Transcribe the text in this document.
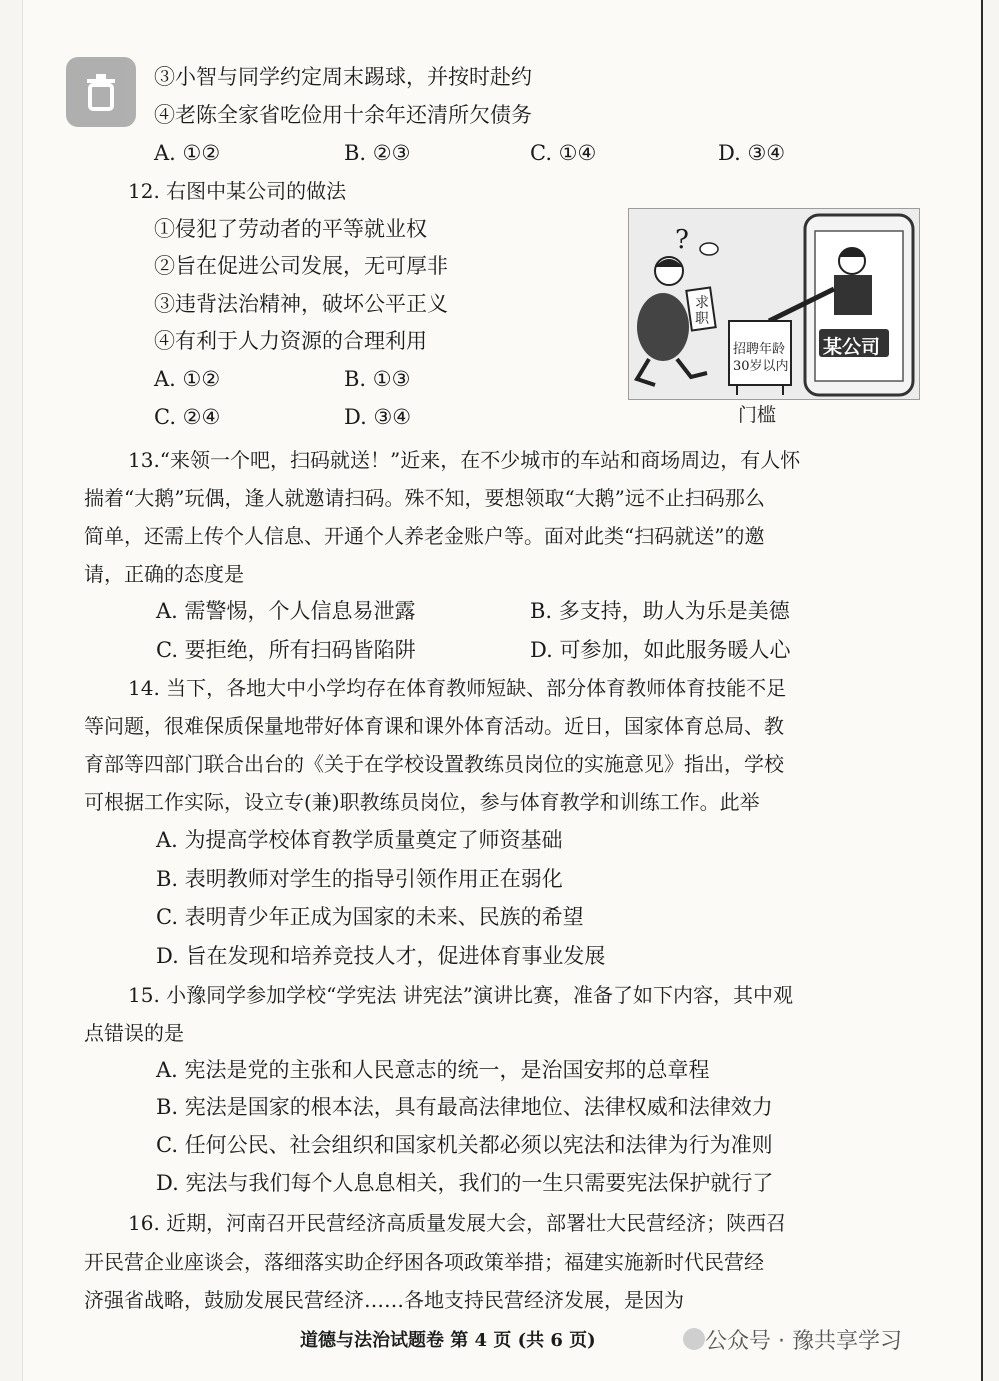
③小智与同学约定周末踢球，并按时赴约
④老陈全家省吃俭用十余年还清所欠债务
A. ①②	B. ②③	C. ①④	D. ③④
12. 右图中某公司的做法
①侵犯了劳动者的平等就业权
②旨在促进公司发展，无可厚非
③违背法治精神，破坏公平正义
④有利于人力资源的合理利用
A. ①②	B. ①③
C. ②④	D. ③④
?
求职
招聘年龄
30岁以内
某公司
门槛
13.“来领一个吧，扫码就送！”近来，在不少城市的车站和商场周边，有人怀
揣着“大鹅”玩偶，逢人就邀请扫码。殊不知，要想领取“大鹅”远不止扫码那么
简单，还需上传个人信息、开通个人养老金账户等。面对此类“扫码就送”的邀
请，正确的态度是
A. 需警惕，个人信息易泄露	B. 多支持，助人为乐是美德
C. 要拒绝，所有扫码皆陷阱	D. 可参加，如此服务暖人心
14. 当下，各地大中小学均存在体育教师短缺、部分体育教师体育技能不足
等问题，很难保质保量地带好体育课和课外体育活动。近日，国家体育总局、教
育部等四部门联合出台的《关于在学校设置教练员岗位的实施意见》指出，学校
可根据工作实际，设立专(兼)职教练员岗位，参与体育教学和训练工作。此举
A. 为提高学校体育教学质量奠定了师资基础
B. 表明教师对学生的指导引领作用正在弱化
C. 表明青少年正成为国家的未来、民族的希望
D. 旨在发现和培养竞技人才，促进体育事业发展
15. 小豫同学参加学校“学宪法 讲宪法”演讲比赛，准备了如下内容，其中观
点错误的是
A. 宪法是党的主张和人民意志的统一，是治国安邦的总章程
B. 宪法是国家的根本法，具有最高法律地位、法律权威和法律效力
C. 任何公民、社会组织和国家机关都必须以宪法和法律为行为准则
D. 宪法与我们每个人息息相关，我们的一生只需要宪法保护就行了
16. 近期，河南召开民营经济高质量发展大会，部署壮大民营经济；陕西召
开民营企业座谈会，落细落实助企纾困各项政策举措；福建实施新时代民营经
济强省战略，鼓励发展民营经济……各地支持民营经济发展，是因为
道德与法治试题卷 第 4 页 (共 6 页)	公众号 · 豫共享学习
